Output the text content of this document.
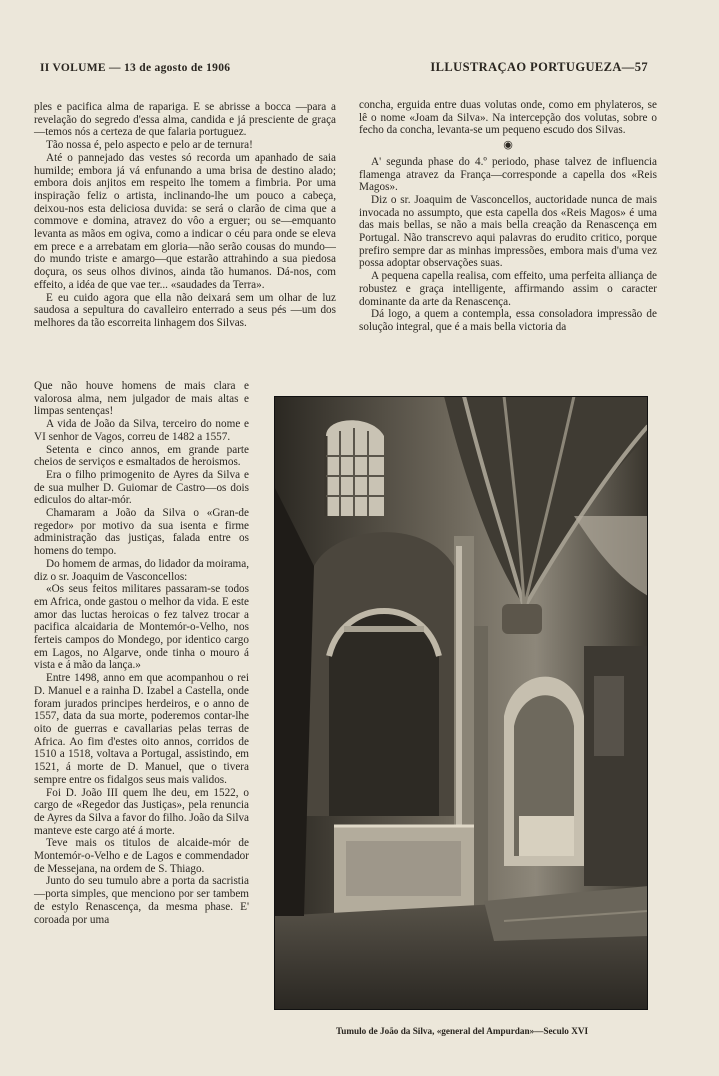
II VOLUME — 13 de agosto de 1906	ILLUSTRAÇAO PORTUGUEZA—57

ples e pacifica alma de rapariga. E se abrisse a bocca —para a revelação do segredo d'essa alma, candida e já presciente de graça—temos nós a certeza de que falaria portuguez.

Tão nossa é, pelo aspecto e pelo ar de ternura!

Até o pannejado das vestes só recorda um apanhado de saia humilde; embora já vá enfunando a uma brisa de destino alado; embora dois anjitos em respeito lhe tomem a fimbria. Por uma inspiração feliz o artista, inclinando-lhe um pouco a cabeça, deixou-nos esta deliciosa duvida: se será o clarão de cima que a commove e domina, atravez do vôo a erguer; ou se—emquanto levanta as mãos em ogiva, como a indicar o céu para onde se eleva em prece e a arrebatam em gloria—não serão cousas do mundo—do mundo triste e amargo—que estarão attrahindo a sua piedosa doçura, os seus olhos divinos, ainda tão humanos. Dá-nos, com effeito, a idéa de que vae ter... «saudades da Terra».

E eu cuido agora que ella não deixará sem um olhar de luz saudosa a sepultura do cavalleiro enterrado a seus pés —um dos melhores da tão escorreita linhagem dos Silvas.

Que não houve homens de mais clara e valorosa alma, nem julgador de mais altas e limpas sentenças!

A vida de João da Silva, terceiro do nome e VI senhor de Vagos, correu de 1482 a 1557.

Setenta e cinco annos, em grande parte cheios de serviços e esmaltados de heroismos.

Era o filho primogenito de Ayres da Silva e de sua mulher D. Guiomar de Castro—os dois ediculos do altar-mór.

Chamaram a João da Silva o «Gran-de regedor» por motivo da sua isenta e firme administração das justiças, falada entre os homens do tempo.

Do homem de armas, do lidador da moirama, diz o sr. Joaquim de Vasconcellos:

«Os seus feitos militares passaram-se todos em Africa, onde gastou o melhor da vida. E este amor das luctas heroicas o fez talvez trocar a pacifica alcaidaria de Montemór-o-Velho, nos ferteis campos do Mondego, por identico cargo em Lagos, no Algarve, onde tinha o mouro á vista e á mão da lança.»

Entre 1498, anno em que acompanhou o rei D. Manuel e a rainha D. Izabel a Castella, onde foram jurados principes herdeiros, e o anno de 1557, data da sua morte, poderemos contar-lhe oito de guerras e cavallarias pelas terras de Africa. Ao fim d'estes oito annos, corridos de 1510 a 1518, voltava a Portugal, assistindo, em 1521, á morte de D. Manuel, que o tivera sempre entre os fidalgos seus mais validos.

Foi D. João III quem lhe deu, em 1522, o cargo de «Regedor das Justiças», pela renuncia de Ayres da Silva a favor do filho. João da Silva manteve este cargo até á morte.

Teve mais os titulos de alcaide-mór de Montemór-o-Velho e de Lagos e commendador de Messejana, na ordem de S. Thiago.

Junto do seu tumulo abre a porta da sacristia—porta simples, que menciono por ser tambem de estylo Renascença, da mesma phase. E' coroada por uma

concha, erguida entre duas volutas onde, como em phylateros, se lê o nome «Joam da Silva». Na intercepção dos volutas, sobre o fecho da concha, levanta-se um pequeno escudo dos Silvas.

◉

A' segunda phase do 4.º periodo, phase talvez de influencia flamenga atravez da França—corresponde a capella dos «Reis Magos».

Diz o sr. Joaquim de Vasconcellos, auctoridade nunca de mais invocada no assumpto, que esta capella dos «Reis Magos» é uma das mais bellas, se não a mais bella creação da Renascença em Portugal. Não transcrevo aqui palavras do erudito critico, porque prefiro sempre dar as minhas impressões, embora mais d'uma vez possa adoptar observações suas.

A pequena capella realisa, com effeito, uma perfeita alliança de robustez e graça intelligente, affirmando assim o caracter dominante da arte da Renascença.

Dá logo, a quem a contempla, essa consoladora impressão de solução integral, que é a mais bella victoria da

Tumulo de João da Silva, «general del Ampurdan»—Seculo XVI
